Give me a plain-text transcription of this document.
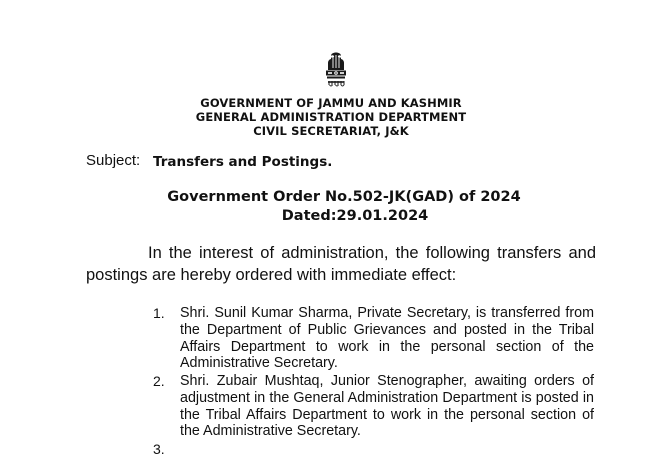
GOVERNMENT OF JAMMU AND KASHMIR
GENERAL ADMINISTRATION DEPARTMENT
CIVIL SECRETARIAT, J&K
Subject: Transfers and Postings.
Government Order No.502-JK(GAD) of 2024
Dated:29.01.2024
In the interest of administration, the following transfers and postings are hereby ordered with immediate effect:
1. Shri. Sunil Kumar Sharma, Private Secretary, is transferred from the Department of Public Grievances and posted in the Tribal Affairs Department to work in the personal section of the Administrative Secretary.
2. Shri. Zubair Mushtaq, Junior Stenographer, awaiting orders of adjustment in the General Administration Department is posted in the Tribal Affairs Department to work in the personal section of the Administrative Secretary.
3.
